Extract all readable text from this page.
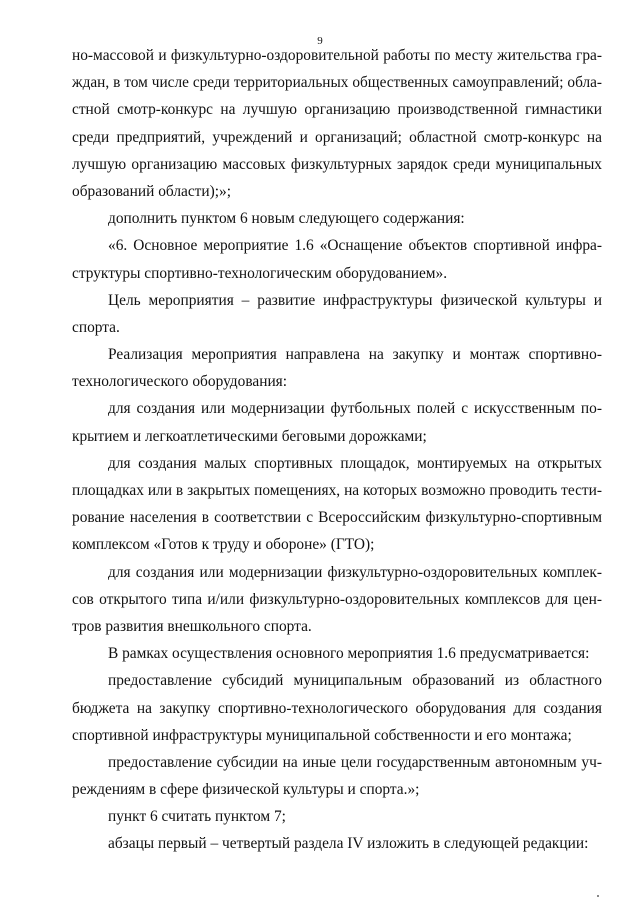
9
но-массовой и физкультурно-оздоровительной работы по месту жительства гра-
ждан, в том числе среди территориальных общественных самоуправлений; обла-
стной смотр-конкурс на лучшую организацию производственной гимнастики
среди предприятий, учреждений и организаций; областной смотр-конкурс на
лучшую организацию массовых физкультурных зарядок среди муниципальных
образований области);»;
дополнить пунктом 6 новым следующего содержания:
«6. Основное мероприятие 1.6 «Оснащение объектов спортивной инфра-
структуры спортивно-технологическим оборудованием».
Цель мероприятия – развитие инфраструктуры физической культуры и
спорта.
Реализация мероприятия направлена на закупку и монтаж спортивно-
технологического оборудования:
для создания или модернизации футбольных полей с искусственным по-
крытием и легкоатлетическими беговыми дорожками;
для создания малых спортивных площадок, монтируемых на открытых
площадках или в закрытых помещениях, на которых возможно проводить тести-
рование населения в соответствии с Всероссийским физкультурно-спортивным
комплексом «Готов к труду и обороне» (ГТО);
для создания или модернизации физкультурно-оздоровительных комплек-
сов открытого типа и/или физкультурно-оздоровительных комплексов для цен-
тров развития внешкольного спорта.
В рамках осуществления основного мероприятия 1.6 предусматривается:
предоставление субсидий муниципальным образований из областного
бюджета на закупку спортивно-технологического оборудования для создания
спортивной инфраструктуры муниципальной собственности и его монтажа;
предоставление субсидии на иные цели государственным автономным уч-
реждениям в сфере физической культуры и спорта.»;
пункт 6 считать пунктом 7;
абзацы первый – четвертый раздела IV изложить в следующей редакции:
